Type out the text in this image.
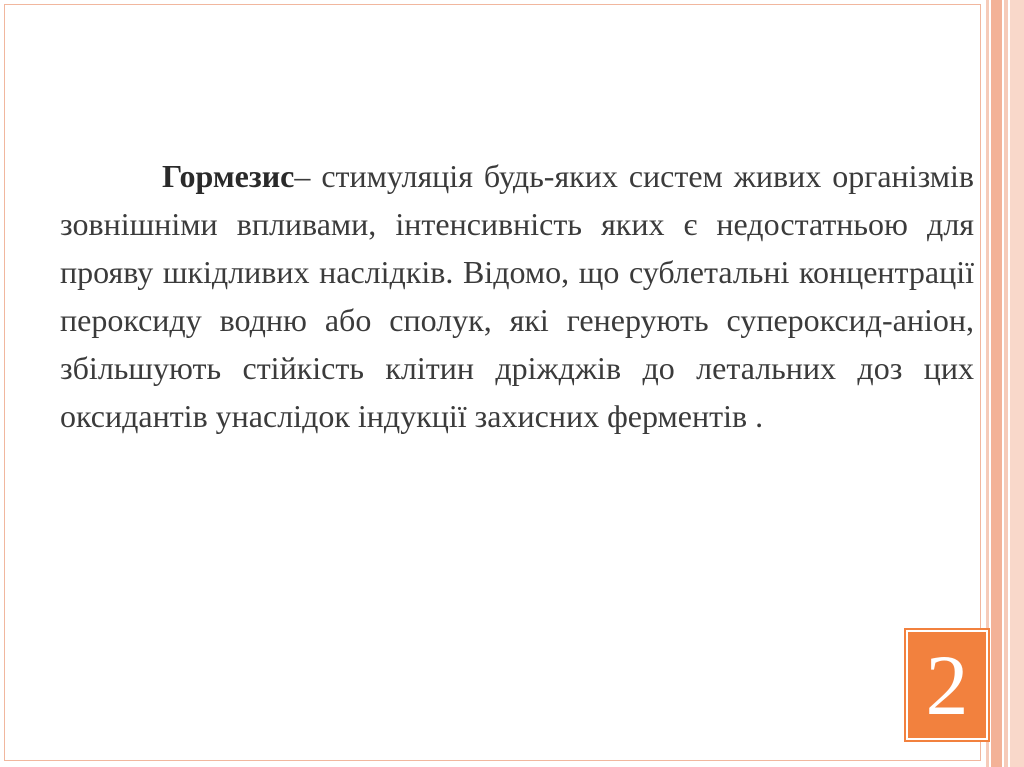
Гормезис– стимуляція будь-яких систем живих організмів зовнішніми впливами, інтенсивність яких є недостатньою для прояву шкідливих наслідків. Відомо, що сублетальні концентрації пероксиду водню або сполук, які генерують супероксид-аніон, збільшують стійкість клітин дріжджів до летальних доз цих оксидантів унаслідок індукції захисних ферментів .

2
